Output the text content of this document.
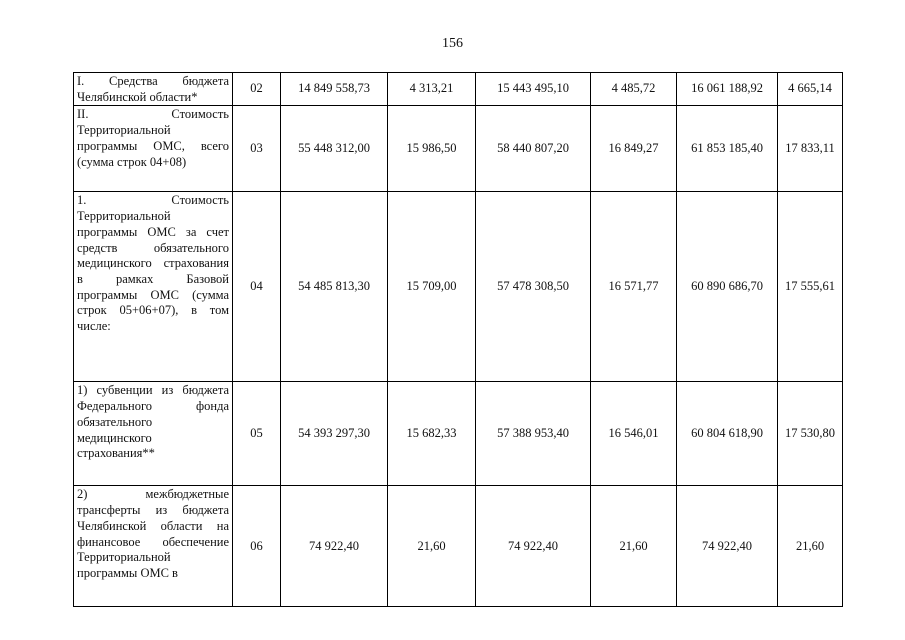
156
I. Средства бюджета Челябинской области*	02	14 849 558,73	4 313,21	15 443 495,10	4 485,72	16 061 188,92	4 665,14
II. Стоимость Территориальной программы ОМС, всего (сумма строк 04+08)	03	55 448 312,00	15 986,50	58 440 807,20	16 849,27	61 853 185,40	17 833,11
1. Стоимость Территориальной программы ОМС за счет средств обязательного медицинского страхования в рамках Базовой программы ОМС (сумма строк 05+06+07), в том числе:	04	54 485 813,30	15 709,00	57 478 308,50	16 571,77	60 890 686,70	17 555,61
1) субвенции из бюджета Федерального фонда обязательного медицинского страхования**	05	54 393 297,30	15 682,33	57 388 953,40	16 546,01	60 804 618,90	17 530,80
2) межбюджетные трансферты из бюджета Челябинской области на финансовое обеспечение Территориальной программы ОМС в	06	74 922,40	21,60	74 922,40	21,60	74 922,40	21,60
